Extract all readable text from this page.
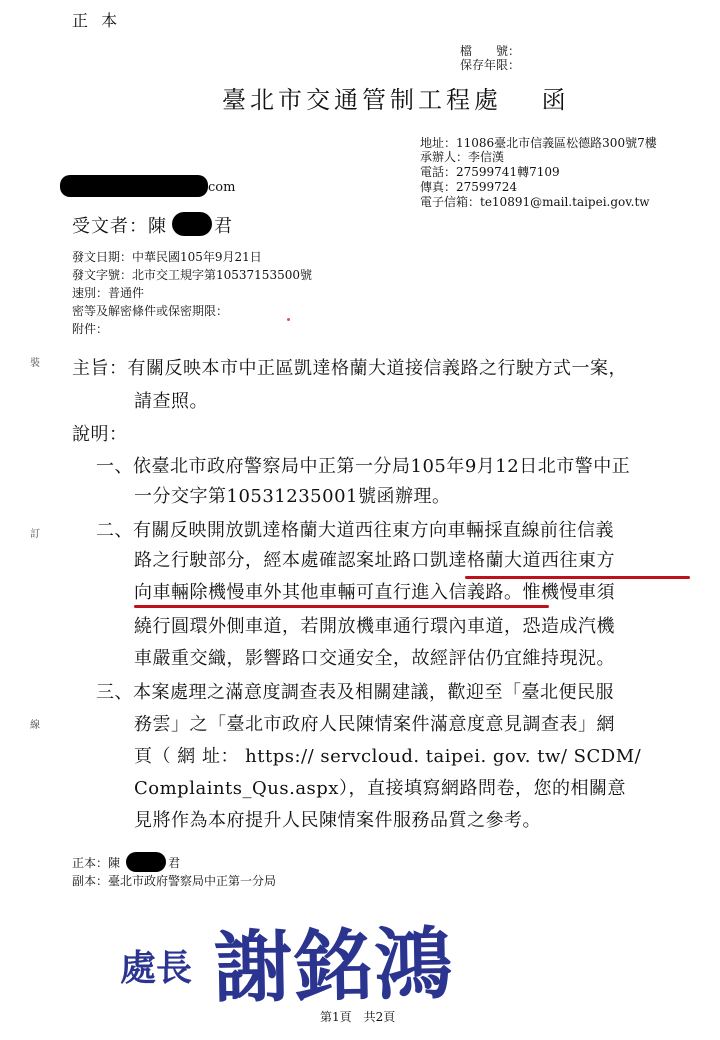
正 本
檔　　號：
保存年限：
臺北市交通管制工程處　 函
地址：11086臺北市信義區松德路300號7樓
承辦人：李信漢
電話：27599741轉7109
傳真：27599724
電子信箱：te10891@mail.taipei.gov.tw
com
受文者：陳	君
發文日期：中華民國105年9月21日
發文字號：北市交工規字第10537153500號
速別：普通件
密等及解密條件或保密期限：
附件：
裝
訂
線
主旨：有關反映本市中正區凱達格蘭大道接信義路之行駛方式一案，
請查照。
說明：
一、依臺北市政府警察局中正第一分局105年9月12日北市警中正
一分交字第10531235001號函辦理。
二、有關反映開放凱達格蘭大道西往東方向車輛採直線前往信義
路之行駛部分，經本處確認案址路口凱達格蘭大道西往東方
向車輛除機慢車外其他車輛可直行進入信義路。惟機慢車須
繞行圓環外側車道，若開放機車通行環內車道，恐造成汽機
車嚴重交織，影響路口交通安全，故經評估仍宜維持現況。
三、本案處理之滿意度調查表及相關建議，歡迎至「臺北便民服
務雲」之「臺北市政府人民陳情案件滿意度意見調查表」網
頁（ 網 址： https:// servcloud. taipei. gov. tw/ SCDM/
Complaints_Qus.aspx），直接填寫網路問卷，您的相關意
見將作為本府提升人民陳情案件服務品質之參考。
正本：陳	君
副本：臺北市政府警察局中正第一分局
處長 謝銘鴻
第1頁　共2頁
